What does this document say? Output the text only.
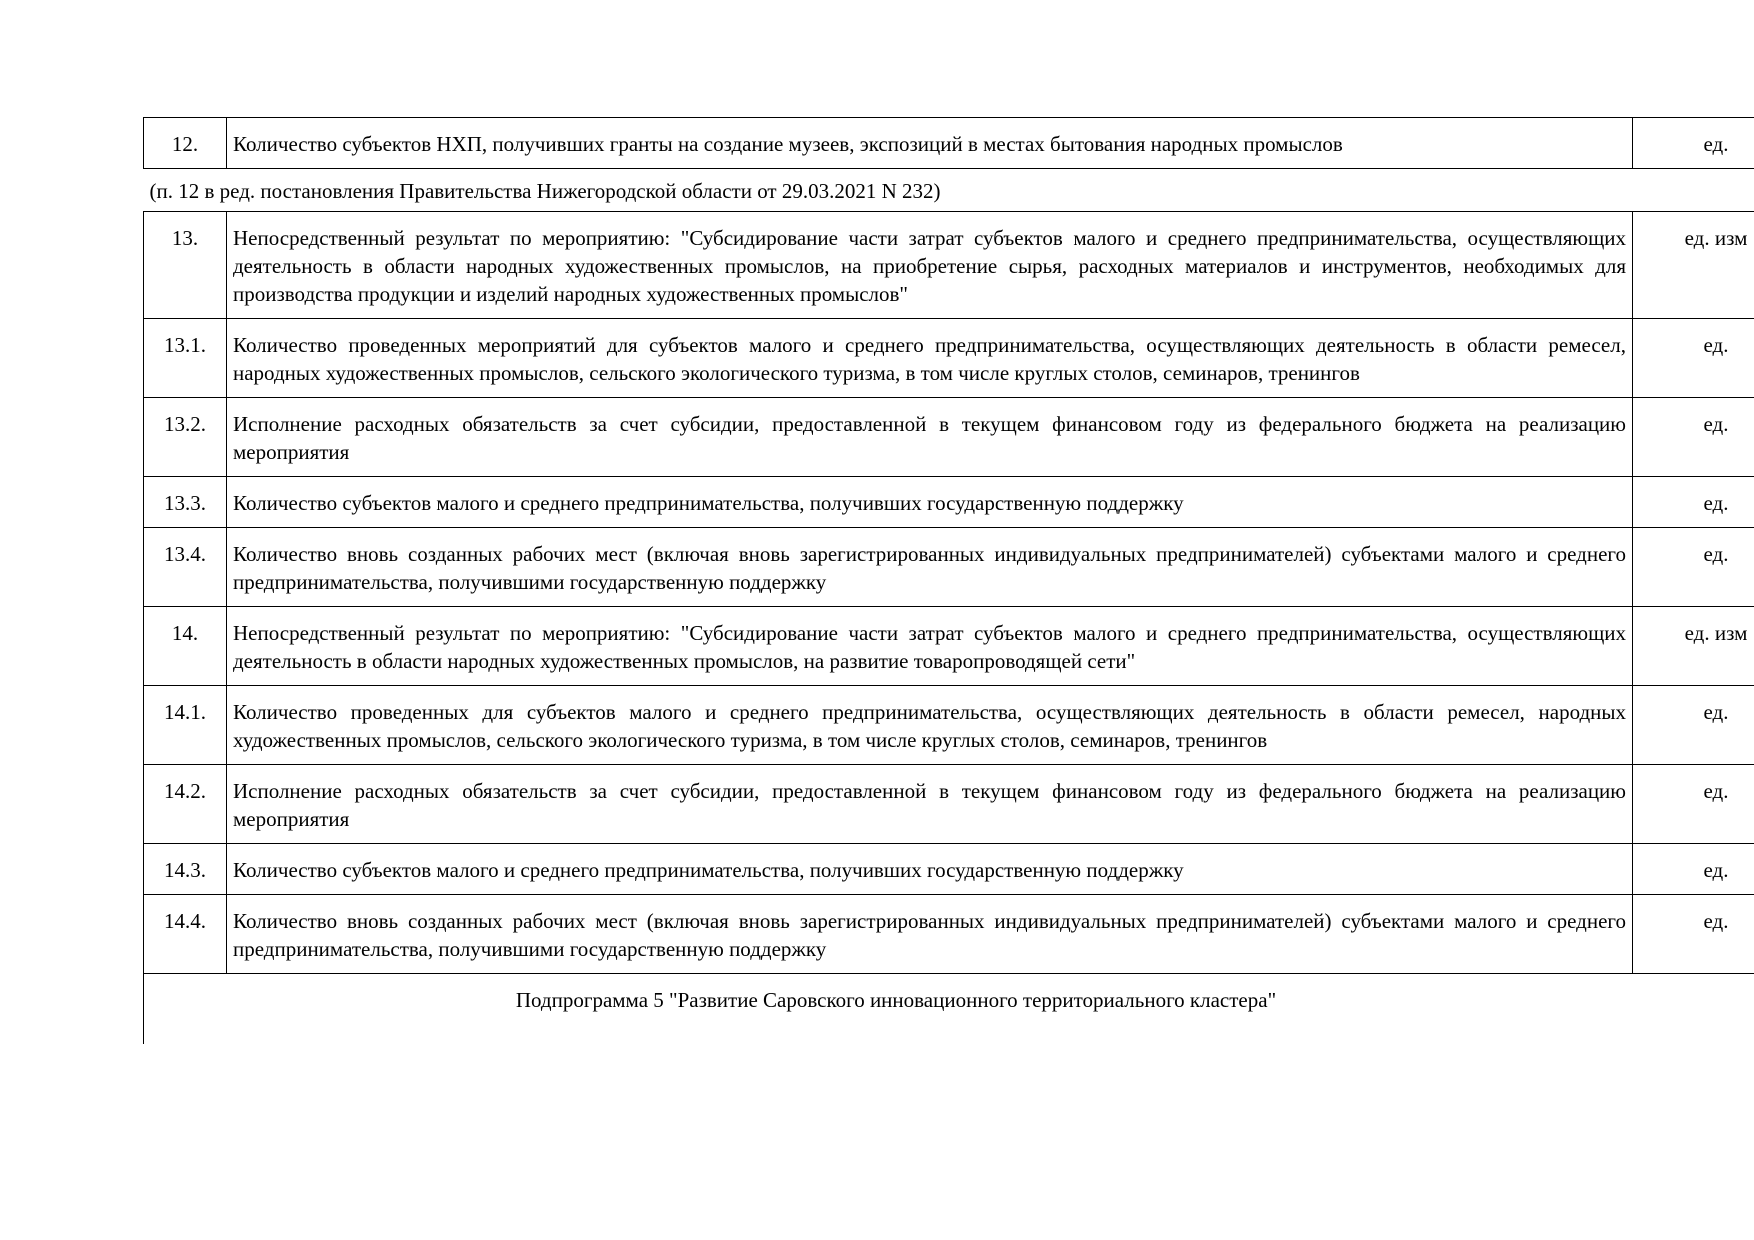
12.	Количество субъектов НХП, получивших гранты на создание музеев, экспозиций в местах бытования народных промыслов	ед.
(п. 12 в ред. постановления Правительства Нижегородской области от 29.03.2021 N 232)		
13.	Непосредственный результат по мероприятию: "Субсидирование части затрат субъектов малого и среднего предпринимательства, осуществляющих деятельность в области народных художественных промыслов, на приобретение сырья, расходных материалов и инструментов, необходимых для производства продукции и изделий народных художественных промыслов"	ед. изм
13.1.	Количество проведенных мероприятий для субъектов малого и среднего предпринимательства, осуществляющих деятельность в области ремесел, народных художественных промыслов, сельского экологического туризма, в том числе круглых столов, семинаров, тренингов	ед.
13.2.	Исполнение расходных обязательств за счет субсидии, предоставленной в текущем финансовом году из федерального бюджета на реализацию мероприятия	ед.
13.3.	Количество субъектов малого и среднего предпринимательства, получивших государственную поддержку	ед.
13.4.	Количество вновь созданных рабочих мест (включая вновь зарегистрированных индивидуальных предпринимателей) субъектами малого и среднего предпринимательства, получившими государственную поддержку	ед.
14.	Непосредственный результат по мероприятию: "Субсидирование части затрат субъектов малого и среднего предпринимательства, осуществляющих деятельность в области народных художественных промыслов, на развитие товаропроводящей сети"	ед. изм
14.1.	Количество проведенных для субъектов малого и среднего предпринимательства, осуществляющих деятельность в области ремесел, народных художественных промыслов, сельского экологического туризма, в том числе круглых столов, семинаров, тренингов	ед.
14.2.	Исполнение расходных обязательств за счет субсидии, предоставленной в текущем финансовом году из федерального бюджета на реализацию мероприятия	ед.
14.3.	Количество субъектов малого и среднего предпринимательства, получивших государственную поддержку	ед.
14.4.	Количество вновь созданных рабочих мест (включая вновь зарегистрированных индивидуальных предпринимателей) субъектами малого и среднего предпринимательства, получившими государственную поддержку	ед.

Подпрограмма 5 "Развитие Саровского инновационного территориального кластера"		
